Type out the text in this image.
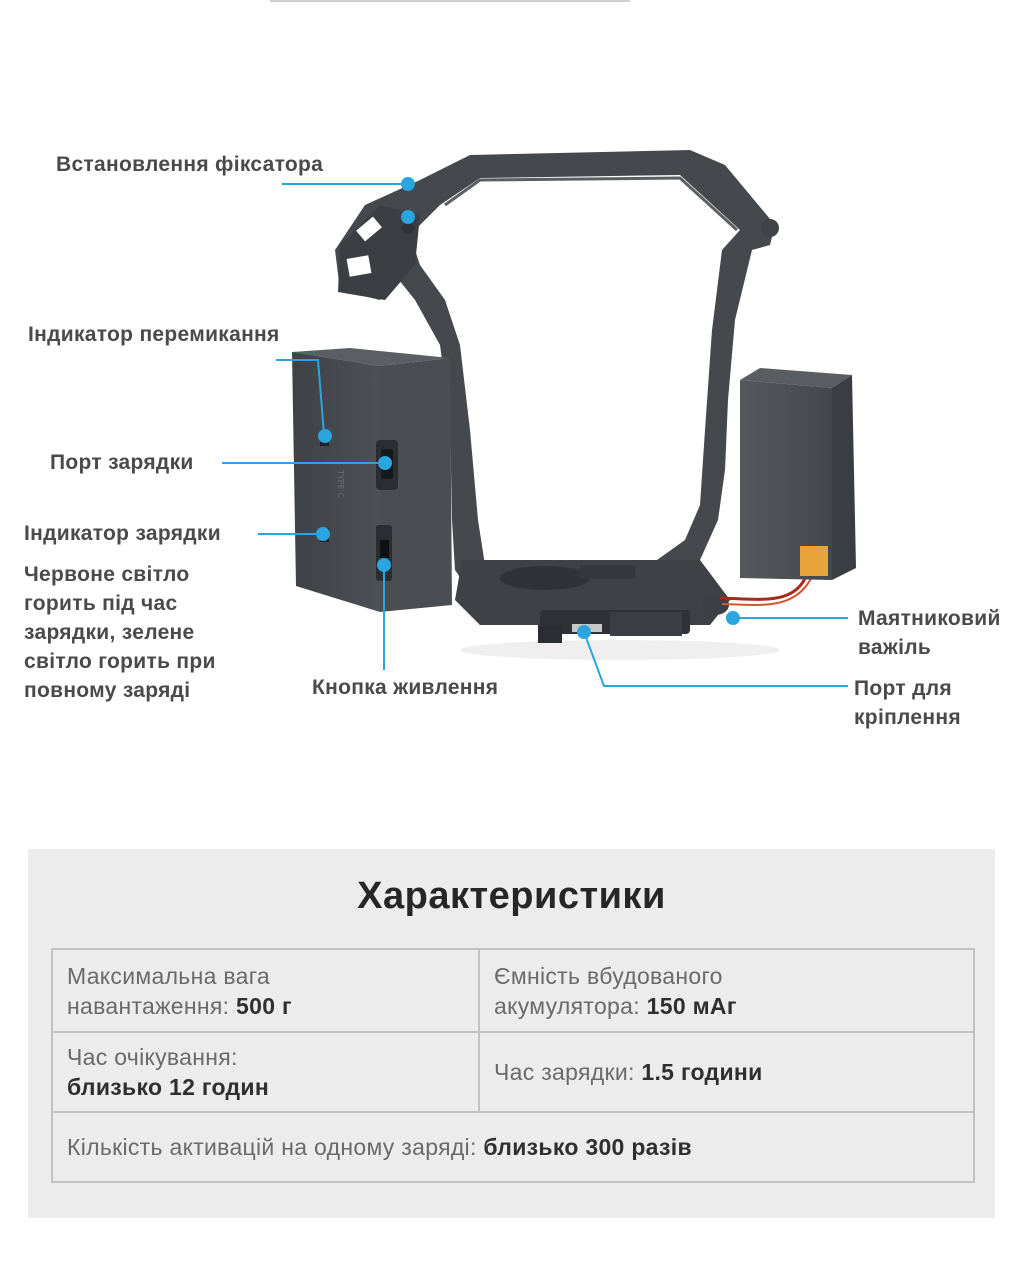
TYPE-C

Встановлення фіксатора

Індикатор перемикання

Порт зарядки

Індикатор зарядки

Червоне світло
горить під час
зарядки, зелене
світло горить при
повному заряді	Кнопка живлення

Маятниковий
важіль
Порт для
кріплення
Характеристики
Максимальна вага
навантаження: 500 г
Ємність вбудованого
акумулятора: 150 мАг
Час очікування:
близько 12 годин
Час зарядки: 1.5 години
Кількість активацій на одному заряді: близько 300 разів
